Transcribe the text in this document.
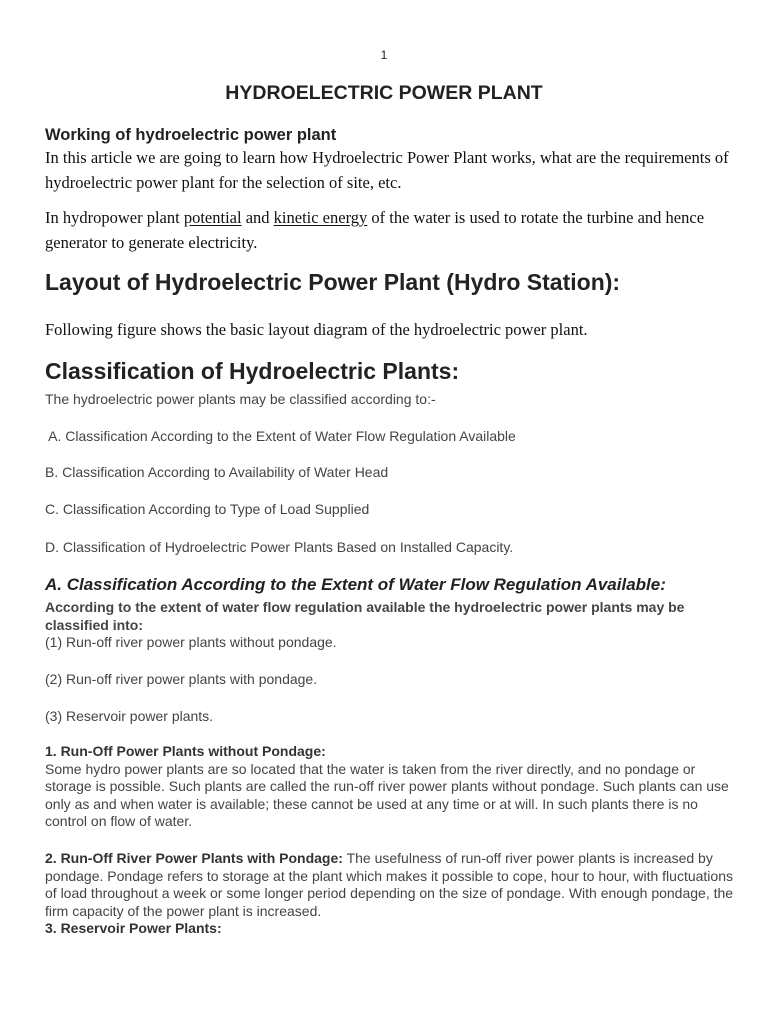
1
HYDROELECTRIC POWER PLANT
Working of hydroelectric power plant
In this article we are going to learn how Hydroelectric Power Plant works, what are the requirements of hydroelectric power plant for the selection of site, etc.
In hydropower plant potential and kinetic energy of the water is used to rotate the turbine and hence generator to generate electricity.
Layout of Hydroelectric Power Plant (Hydro Station):
Following figure shows the basic layout diagram of the hydroelectric power plant.
Classification of Hydroelectric Plants:
The hydroelectric power plants may be classified according to:-
A. Classification According to the Extent of Water Flow Regulation Available
B. Classification According to Availability of Water Head
C. Classification According to Type of Load Supplied
D. Classification of Hydroelectric Power Plants Based on Installed Capacity.
A. Classification According to the Extent of Water Flow Regulation Available:
According to the extent of water flow regulation available the hydroelectric power plants may be classified into:
(1) Run-off river power plants without pondage.
(2) Run-off river power plants with pondage.
(3) Reservoir power plants.
1. Run-Off Power Plants without Pondage:
Some hydro power plants are so located that the water is taken from the river directly, and no pondage or storage is possible. Such plants are called the run-off river power plants without pondage. Such plants can use only as and when water is available; these cannot be used at any time or at will. In such plants there is no control on flow of water.
2. Run-Off River Power Plants with Pondage: The usefulness of run-off river power plants is increased by pondage. Pondage refers to storage at the plant which makes it possible to cope, hour to hour, with fluctuations of load throughout a week or some longer period depending on the size of pondage. With enough pondage, the firm capacity of the power plant is increased.
3. Reservoir Power Plants:
